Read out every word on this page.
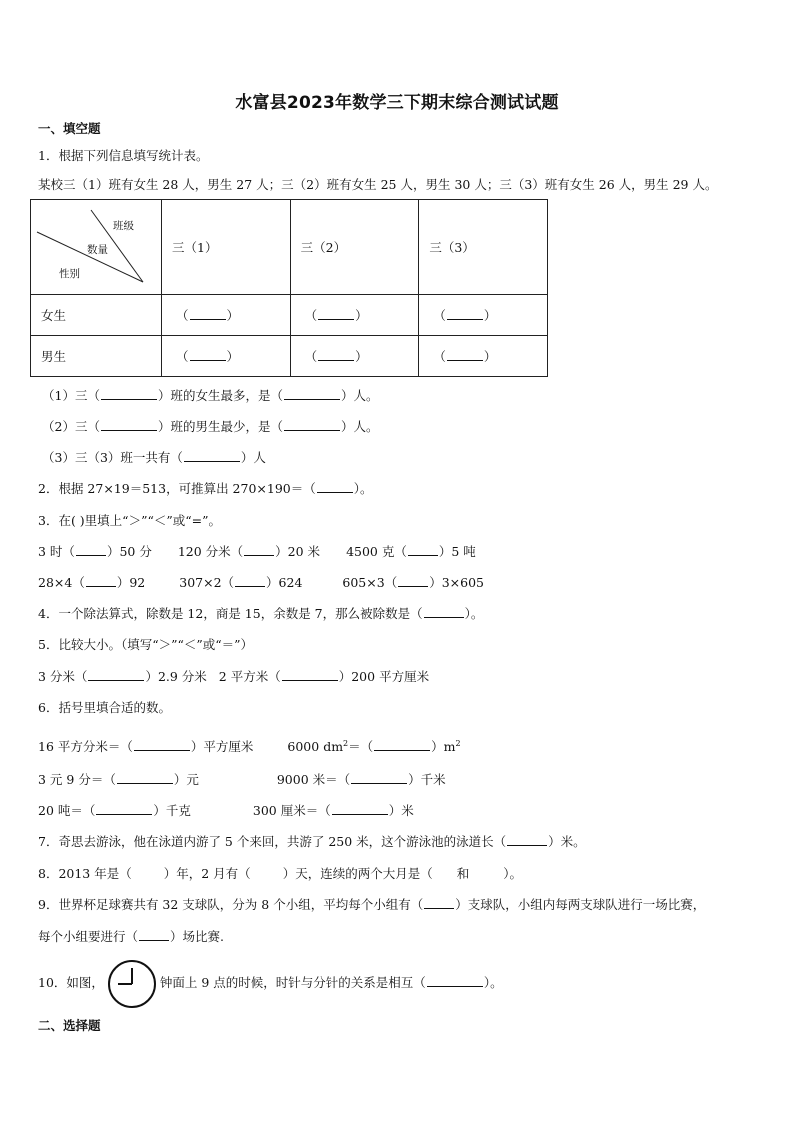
水富县2023年数学三下期末综合测试试题
一、填空题
1．根据下列信息填写统计表。
某校三（1）班有女生 28 人，男生 27 人；三（2）班有女生 25 人，男生 30 人；三（3）班有女生 26 人，男生 29 人。
班级
数量
性别	三（1）	三（2）	三（3）
女生	（ ）	（ ）	（ ）
男生	（ ）	（ ）	（ ）
（1）三（	）班的女生最多，是（	）人。
（2）三（	）班的男生最少，是（	）人。
（3）三（3）班一共有（	）人
2．根据 27×19＝513，可推算出 270×190＝（	）。
3．在( )里填上“＞”“＜”或“=”。
3 时（	）50 分 120 分米（	）20 米 4500 克（	）5 吨
28×4（	）92	307×2（	）624	605×3（	）3×605
4．一个除法算式，除数是 12，商是 15，余数是 7，那么被除数是（	）。
5．比较大小。（填写“＞”“＜”或“＝”）
3 分米（	）2.9 分米 2 平方米（	）200 平方厘米
6．括号里填合适的数。
16 平方分米＝（	）平方厘米	6000 $dm^2=$（	）$m^2$
3 元 9 分＝（	）元	9000 米＝（	）千米
20 吨＝（	）千克	300 厘米＝（	）米
7．奇思去游泳，他在泳道内游了 5 个来回，共游了 250 米，这个游泳池的泳道长（	）米。
8．2013 年是（	）年，2 月有（	）天，连续的两个大月是（ 和	）。
9．世界杯足球赛共有 32 支球队，分为 8 个小组，平均每个小组有（	）支球队，小组内每两支球队进行一场比赛，
每个小组要进行（	）场比赛.
10．如图，	钟面上 9 点的时候，时针与分针的关系是相互（	）。
二、选择题
